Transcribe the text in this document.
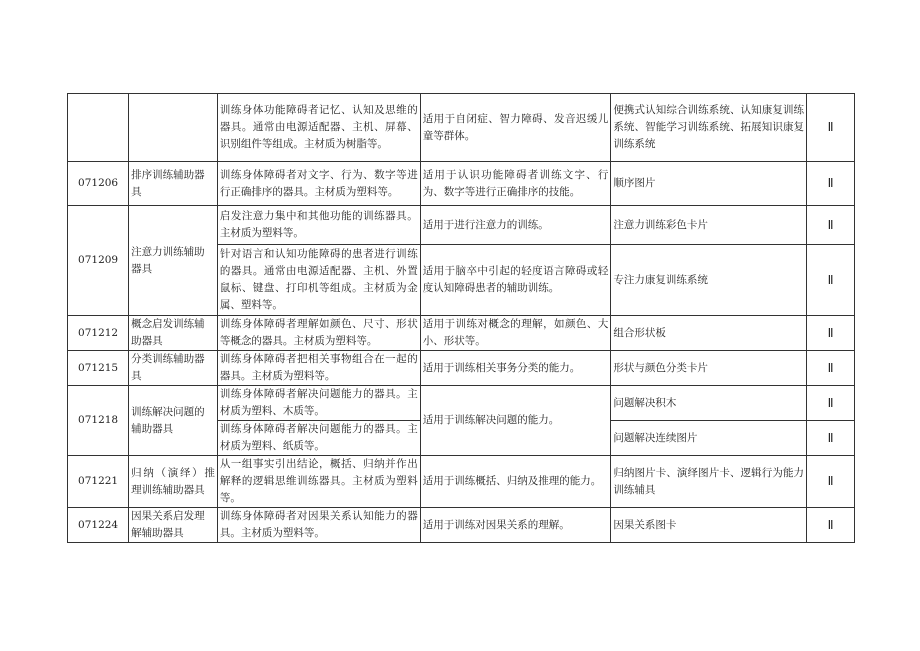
		训练身体功能障碍者记忆、认知及思维的器具。通常由电源适配器、主机、屏幕、识别组件等组成。主材质为树脂等。	适用于自闭症、智力障碍、发音迟缓儿童等群体。	便携式认知综合训练系统、认知康复训练系统、智能学习训练系统、拓展知识康复训练系统	Ⅱ
071206	排序训练辅助器具	训练身体障碍者对文字、行为、数字等进行正确排序的器具。主材质为塑料等。	适用于认识功能障碍者训练文字、行为、数字等进行正确排序的技能。	顺序图片	Ⅱ
071209	注意力训练辅助器具	启发注意力集中和其他功能的训练器具。主材质为塑料等。	适用于进行注意力的训练。	注意力训练彩色卡片	Ⅱ
		针对语言和认知功能障碍的患者进行训练的器具。通常由电源适配器、主机、外置鼠标、键盘、打印机等组成。主材质为金属、塑料等。	适用于脑卒中引起的轻度语言障碍或轻度认知障碍患者的辅助训练。	专注力康复训练系统	Ⅱ
071212	概念启发训练辅助器具	训练身体障碍者理解如颜色、尺寸、形状等概念的器具。主材质为塑料等。	适用于训练对概念的理解，如颜色、大小、形状等。	组合形状板	Ⅱ
071215	分类训练辅助器具	训练身体障碍者把相关事物组合在一起的器具。主材质为塑料等。	适用于训练相关事务分类的能力。	形状与颜色分类卡片	Ⅱ
071218	训练解决问题的辅助器具	训练身体障碍者解决问题能力的器具。主材质为塑料、木质等。	适用于训练解决问题的能力。	问题解决积木	Ⅱ
		训练身体障碍者解决问题能力的器具。主材质为塑料、纸质等。		问题解决连续图片	Ⅱ
071221	归纳（演绎）推理训练辅助器具	从一组事实引出结论，概括、归纳并作出解释的逻辑思维训练器具。主材质为塑料等。	适用于训练概括、归纳及推理的能力。	归纳图片卡、演绎图片卡、逻辑行为能力训练辅具	Ⅱ
071224	因果关系启发理解辅助器具	训练身体障碍者对因果关系认知能力的器具。主材质为塑料等。	适用于训练对因果关系的理解。	因果关系图卡	Ⅱ
